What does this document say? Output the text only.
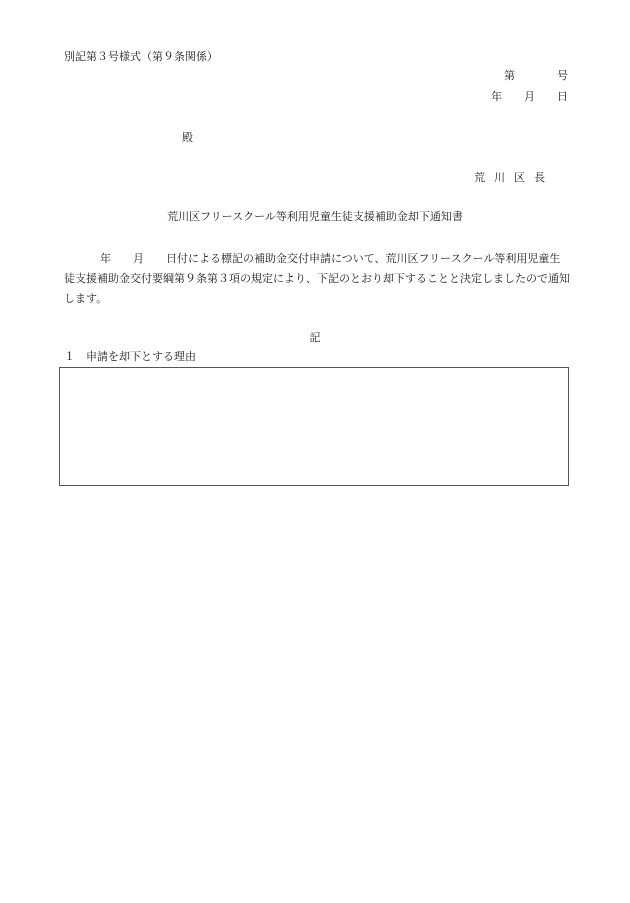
別記第３号様式（第９条関係）
第	号
年 月 日
殿
荒川区長
荒川区フリースクール等利用児童生徒支援補助金却下通知書
年 月 日付による標記の補助金交付申請について、荒川区フリースクール等利用児童生徒支援補助金交付要綱第９条第３項の規定により、下記のとおり却下することと決定しましたので通知します。
記
１ 申請を却下とする理由
